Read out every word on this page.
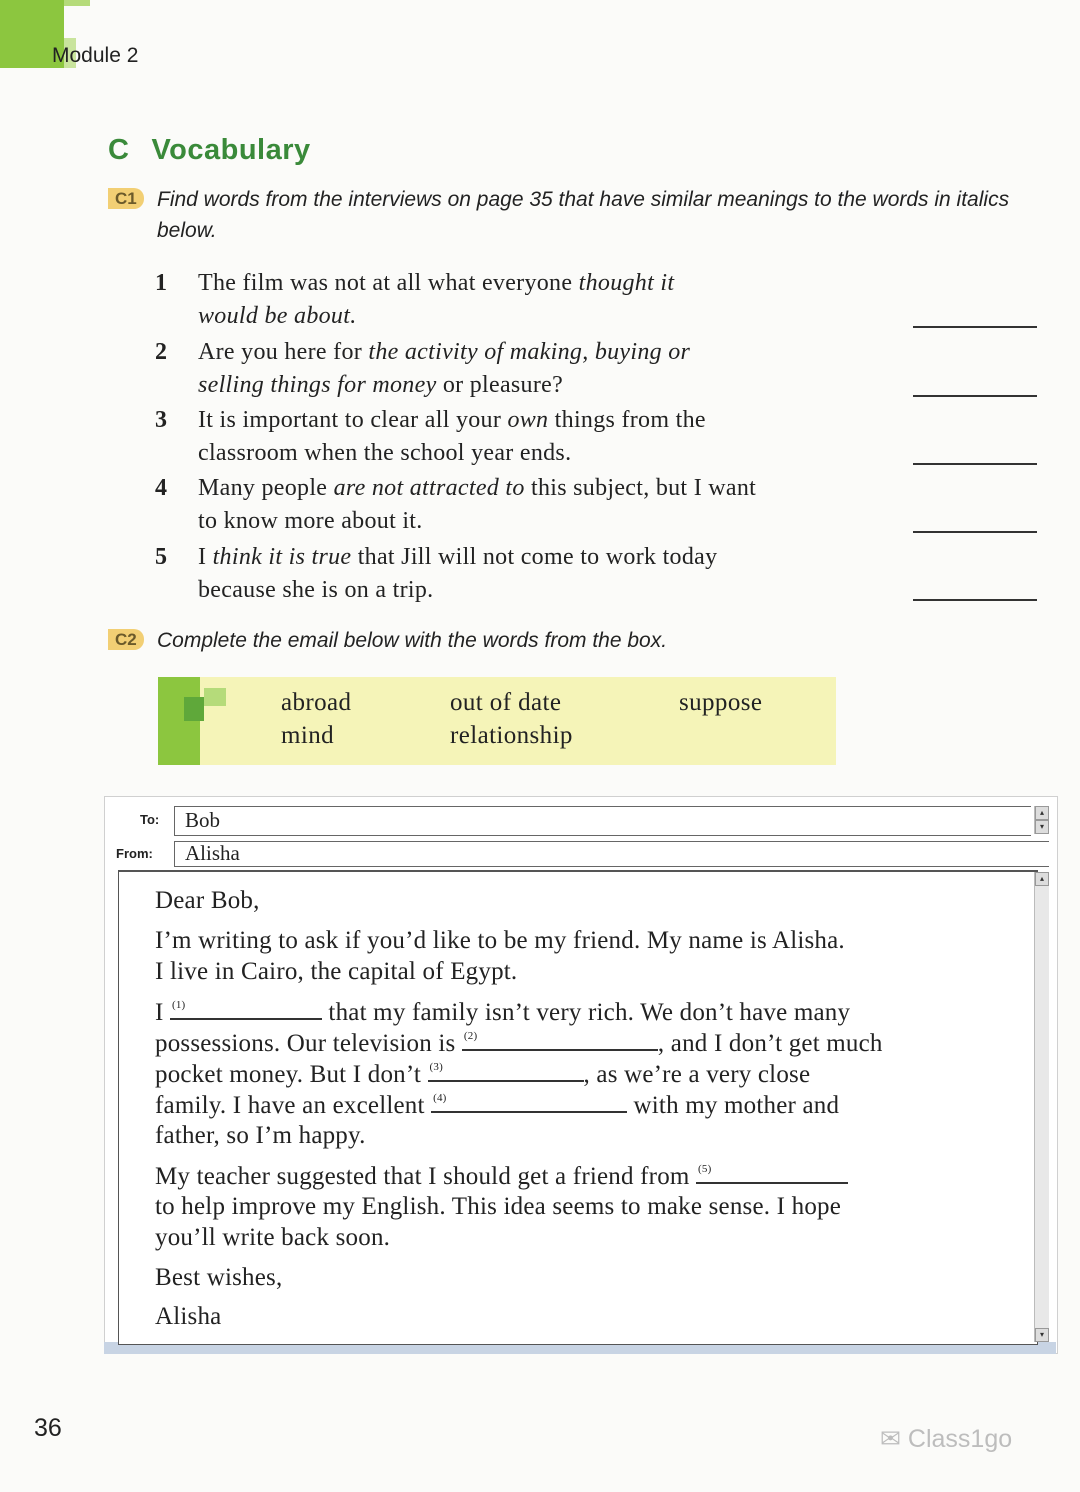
Module 2
C Vocabulary
C1 Find words from the interviews on page 35 that have similar meanings to the words in italics below.
1 The film was not at all what everyone thought it
would be about.
2 Are you here for the activity of making, buying or
selling things for money or pleasure?
3 It is important to clear all your own things from the
classroom when the school year ends.
4 Many people are not attracted to this subject, but I want
to know more about it.
5 I think it is true that Jill will not come to work today
because she is on a trip.
C2 Complete the email below with the words from the box.
abroad	out of date	suppose
mind	relationship
To:	Bob	▴
▾
From:	Alisha
▴
▾
Dear Bob,
I’m writing to ask if you’d like to be my friend. My name is Alisha.
I live in Cairo, the capital of Egypt.
I (1)	that my family isn’t very rich. We don’t have many
possessions. Our television is (2)	, and I don’t get much
pocket money. But I don’t (3)	, as we’re a very close
family. I have an excellent (4)	with my mother and
father, so I’m happy.
My teacher suggested that I should get a friend from (5)
to help improve my English. This idea seems to make sense. I hope
you’ll write back soon.
Best wishes,
Alisha
36	✉ Class1go
